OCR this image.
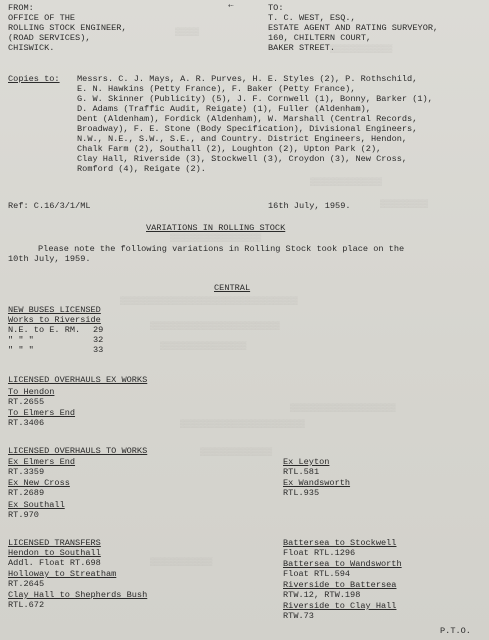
▒▒▒▒▒
▒▒▒▒▒▒▒▒▒▒▒▒▒
▒▒▒▒▒▒▒▒▒▒▒▒▒▒▒
▒▒▒▒▒▒▒▒▒▒
▒▒▒▒▒▒▒▒▒▒▒▒▒▒▒▒▒▒▒
▒▒▒▒▒▒▒▒▒▒▒▒▒▒▒▒▒▒▒▒▒▒▒▒▒▒▒▒▒▒▒▒▒▒▒▒▒
▒▒▒▒▒▒▒▒▒▒▒▒▒▒▒▒▒▒▒▒▒▒▒▒▒▒▒
▒▒▒▒▒▒▒▒▒▒▒▒▒▒▒▒▒▒
▒▒▒▒▒▒▒▒▒▒▒▒▒▒▒▒▒▒▒▒▒▒
▒▒▒▒▒▒▒▒▒▒▒▒▒▒▒▒▒▒▒▒▒▒▒▒▒▒
▒▒▒▒▒▒▒▒▒▒▒▒▒▒▒
▒▒▒▒▒▒▒▒▒▒▒▒▒
⇠
FROM:
OFFICE OF THE
ROLLING STOCK ENGINEER,
(ROAD SERVICES),
CHISWICK.
TO:
T. C. WEST, ESQ.,
ESTATE AGENT AND RATING SURVEYOR,
160, CHILTERN COURT,
BAKER STREET.
Copies to: Messrs. C. J. Mays, A. R. Purves, H. E. Styles (2), P. Rothschild,
E. N. Hawkins (Petty France), F. Baker (Petty France),
G. W. Skinner (Publicity) (5), J. F. Cornwell (1), Bonny, Barker (1),
D. Adams (Traffic Audit, Reigate) (1), Fuller (Aldenham),
Dent (Aldenham), Fordick (Aldenham), W. Marshall (Central Records,
Broadway), F. E. Stone (Body Specification), Divisional Engineers,
N.W., N.E., S.W., S.E., and Country. District Engineers, Hendon,
Chalk Farm (2), Southall (2), Loughton (2), Upton Park (2),
Clay Hall, Riverside (3), Stockwell (3), Croydon (3), New Cross,
Romford (4), Reigate (2).
Ref: C.16/3/1/ML	16th July, 1959.
VARIATIONS IN ROLLING STOCK
Please note the following variations in Rolling Stock took place on the
10th July, 1959.
CENTRAL
NEW BUSES LICENSED
Works to Riverside
N.E. to E. RM. 29
" " "	32
" " "	33
LICENSED OVERHAULS EX WORKS
To Hendon
RT.2655
To Elmers End
RT.3406
LICENSED OVERHAULS TO WORKS
Ex Elmers End
RT.3359
Ex New Cross
RT.2689
Ex Southall
RT.970
Ex Leyton
RTL.581
Ex Wandsworth
RTL.935
LICENSED TRANSFERS
Hendon to Southall
Addl. Float RT.698
Holloway to Streatham
RT.2645
Clay Hall to Shepherds Bush
RTL.672
Battersea to Stockwell
Float RTL.1296
Battersea to Wandsworth
Float RTL.594
Riverside to Battersea
RTW.12, RTW.198
Riverside to Clay Hall
RTW.73
P.T.O.
